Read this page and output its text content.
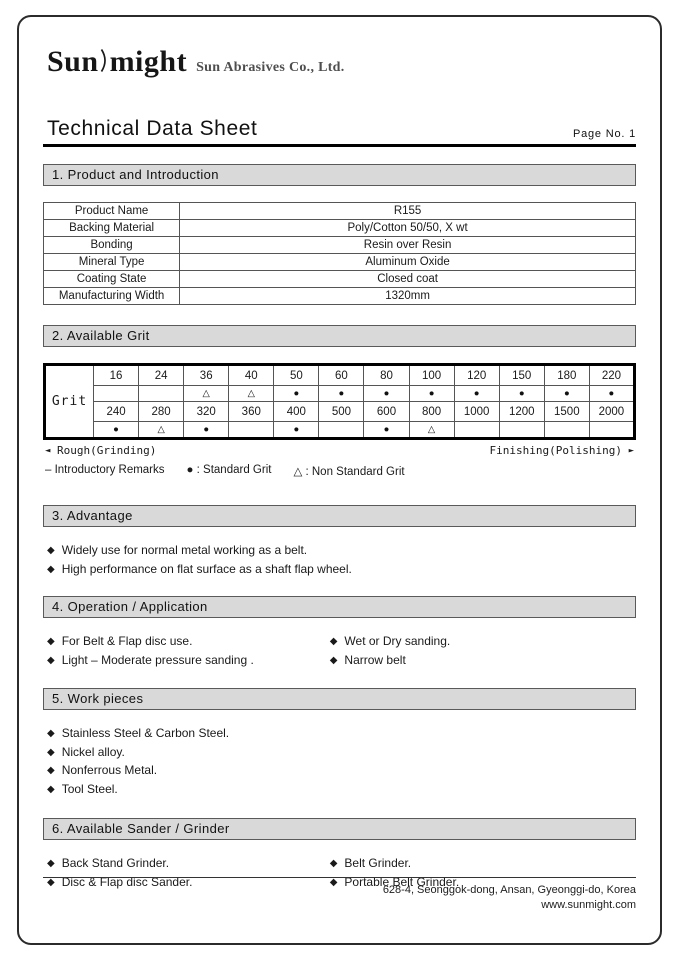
Sun might Sun Abrasives Co., Ltd.
Technical Data Sheet	Page No. 1
1. Product and Introduction
Product Name	R155
Backing Material	Poly/Cotton 50/50, X wt
Bonding	Resin over Resin
Mineral Type	Aluminum Oxide
Coating State	Closed coat
Manufacturing Width	1320mm
2. Available Grit
Grit	16	24	36	40	50	60	80	100	120	150	180	220
			△	△	●	●	●	●	●	●	●	●
	240	280	320	360	400	500	600	800	1000	1200	1500	2000
	●	△	●		●		●	△				
◄ Rough(Grinding)	Finishing(Polishing) ►
– Introductory Remarks ● : Standard Grit △ : Non Standard Grit
3. Advantage
◆ Widely use for normal metal working as a belt.
◆ High performance on flat surface as a shaft flap wheel.
4. Operation / Application
◆ For Belt & Flap disc use.	◆ Wet or Dry sanding.
◆ Light – Moderate pressure sanding .	◆ Narrow belt
5. Work pieces
◆ Stainless Steel & Carbon Steel.
◆ Nickel alloy.
◆ Nonferrous Metal.
◆ Tool Steel.
6. Available Sander / Grinder
◆ Back Stand Grinder.	◆ Belt Grinder.
◆ Disc & Flap disc Sander.	◆ Portable Belt Grinder.
628-4, Seonggok-dong, Ansan, Gyeonggi-do, Korea
www.sunmight.com
